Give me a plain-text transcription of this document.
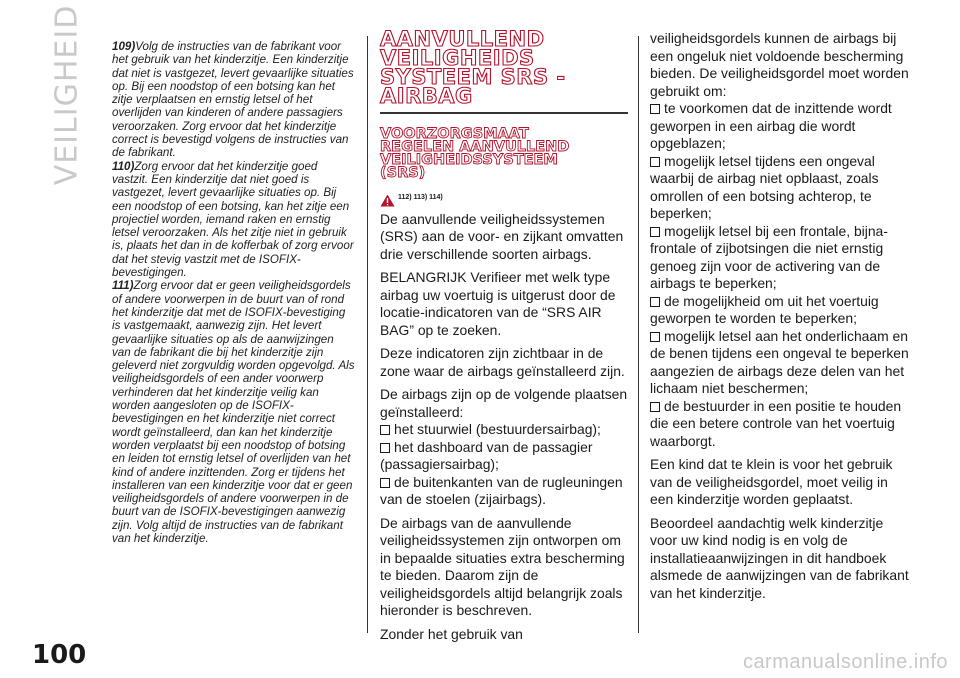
VEILIGHEID 109)Volg de instructies van de fabrikant voor het gebruik van het kinderzitje. Een kinderzitje dat niet is vastgezet, levert gevaarlijke situaties op. Bij een noodstop of een botsing kan het zitje verplaatsen en ernstig letsel of het overlijden van kinderen of andere passagiers veroorzaken. Zorg ervoor dat het kinderzitje correct is bevestigd volgens de instructies van de fabrikant.

110)Zorg ervoor dat het kinderzitje goed vastzit. Een kinderzitje dat niet goed is vastgezet, levert gevaarlijke situaties op. Bij een noodstop of een botsing, kan het zitje een projectiel worden, iemand raken en ernstig letsel veroorzaken. Als het zitje niet in gebruik is, plaats het dan in de kofferbak of zorg ervoor dat het stevig vastzit met de ISOFIX-bevestigingen.

111)Zorg ervoor dat er geen veiligheidsgordels of andere voorwerpen in de buurt van of rond het kinderzitje dat met de ISOFIX-bevestiging is vastgemaakt, aanwezig zijn. Het levert gevaarlijke situaties op als de aanwijzingen van de fabrikant die bij het kinderzitje zijn geleverd niet zorgvuldig worden opgevolgd. Als veiligheidsgordels of een ander voorwerp verhinderen dat het kinderzitje veilig kan worden aangesloten op de ISOFIX-bevestigingen en het kinderzitje niet correct wordt geïnstalleerd, dan kan het kinderzitje worden verplaatst bij een noodstop of botsing en leiden tot ernstig letsel of overlijden van het kind of andere inzittenden. Zorg er tijdens het installeren van een kinderzitje voor dat er geen veiligheidsgordels of andere voorwerpen in de buurt van de ISOFIX-bevestigingen aanwezig zijn. Volg altijd de instructies van de fabrikant van het kinderzitje.

AANVULLEND
VEILIGHEIDS
SYSTEEM SRS -
AIRBAG
VOORZORGSMAAT
REGELEN AANVULLEND
VEILIGHEIDSSYSTEEM
(SRS)
112) 113) 114)

De aanvullende veiligheidssystemen (SRS) aan de voor- en zijkant omvatten drie verschillende soorten airbags.

BELANGRIJK Verifieer met welk type airbag uw voertuig is uitgerust door de locatie-indicatoren van de “SRS AIR BAG” op te zoeken.

Deze indicatoren zijn zichtbaar in de zone waar de airbags geïnstalleerd zijn.

De airbags zijn op de volgende plaatsen geïnstalleerd:
het stuurwiel (bestuurdersairbag);
het dashboard van de passagier (passagiersairbag);
de buitenkanten van de rugleuningen van de stoelen (zijairbags).

De airbags van de aanvullende veiligheidssystemen zijn ontworpen om in bepaalde situaties extra bescherming te bieden. Daarom zijn de veiligheidsgordels altijd belangrijk zoals hieronder is beschreven.

Zonder het gebruik van

veiligheidsgordels kunnen de airbags bij een ongeluk niet voldoende bescherming bieden. De veiligheidsgordel moet worden gebruikt om:
te voorkomen dat de inzittende wordt geworpen in een airbag die wordt opgeblazen;
mogelijk letsel tijdens een ongeval waarbij de airbag niet opblaast, zoals omrollen of een botsing achterop, te beperken;
mogelijk letsel bij een frontale, bijna-frontale of zijbotsingen die niet ernstig genoeg zijn voor de activering van de airbags te beperken;
de mogelijkheid om uit het voertuig geworpen te worden te beperken;
mogelijk letsel aan het onderlichaam en de benen tijdens een ongeval te beperken aangezien de airbags deze delen van het lichaam niet beschermen;
de bestuurder in een positie te houden die een betere controle van het voertuig waarborgt.

Een kind dat te klein is voor het gebruik van de veiligheidsgordel, moet veilig in een kinderzitje worden geplaatst.

Beoordeel aandachtig welk kinderzitje voor uw kind nodig is en volg de installatieaanwijzingen in dit handboek alsmede de aanwijzingen van de fabrikant van het kinderzitje.

100	carmanualsonline.info
